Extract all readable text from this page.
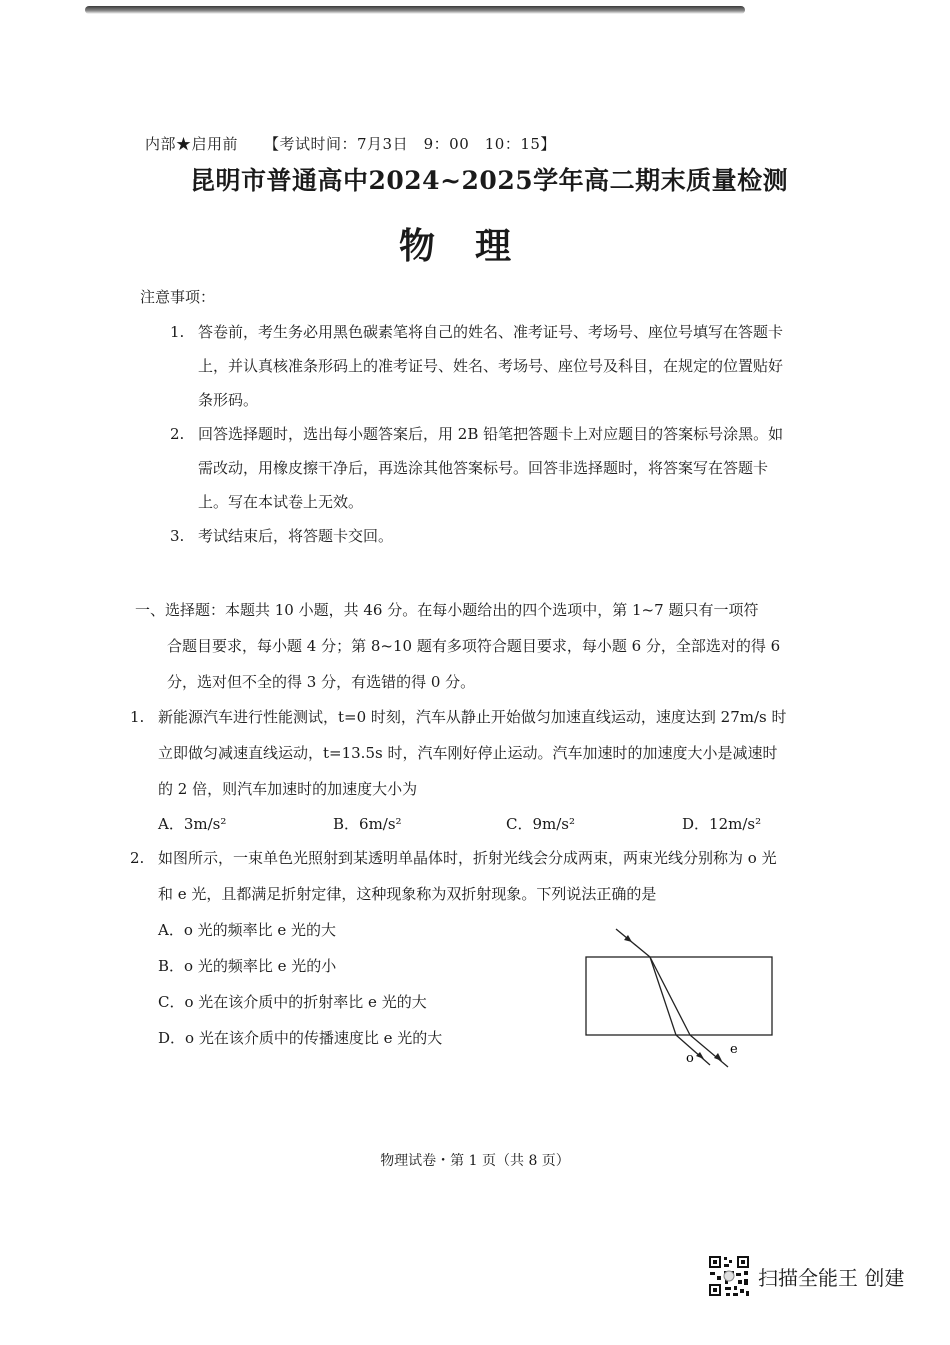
内部★启用前 【考试时间：7月3日　9：00　10：15】
昆明市普通高中2024~2025学年高二期末质量检测
物理
注意事项：
1. 答卷前，考生务必用黑色碳素笔将自己的姓名、准考证号、考场号、座位号填写在答题卡上，并认真核准条形码上的准考证号、姓名、考场号、座位号及科目，在规定的位置贴好条形码。
2. 回答选择题时，选出每小题答案后，用 2B 铅笔把答题卡上对应题目的答案标号涂黑。如需改动，用橡皮擦干净后，再选涂其他答案标号。回答非选择题时，将答案写在答题卡上。写在本试卷上无效。
3. 考试结束后，将答题卡交回。
一、选择题：本题共 10 小题，共 46 分。在每小题给出的四个选项中，第 1~7 题只有一项符
合题目要求，每小题 4 分；第 8~10 题有多项符合题目要求，每小题 6 分，全部选对的得 6 分，选对但不全的得 3 分，有选错的得 0 分。
1. 新能源汽车进行性能测试，t=0 时刻，汽车从静止开始做匀加速直线运动，速度达到 27m/s 时立即做匀减速直线运动，t=13.5s 时，汽车刚好停止运动。汽车加速时的加速度大小是减速时的 2 倍，则汽车加速时的加速度大小为
A．3m/s²	B．6m/s²	C．9m/s²	D．12m/s²
2. 如图所示，一束单色光照射到某透明单晶体时，折射光线会分成两束，两束光线分别称为 o 光和 e 光，且都满足折射定律，这种现象称为双折射现象。下列说法正确的是
A．o 光的频率比 e 光的大
B．o 光的频率比 e 光的小
C．o 光在该介质中的折射率比 e 光的大
D．o 光在该介质中的传播速度比 e 光的大
o
e
物理试卷・第 1 页（共 8 页）
扫描全能王 创建
